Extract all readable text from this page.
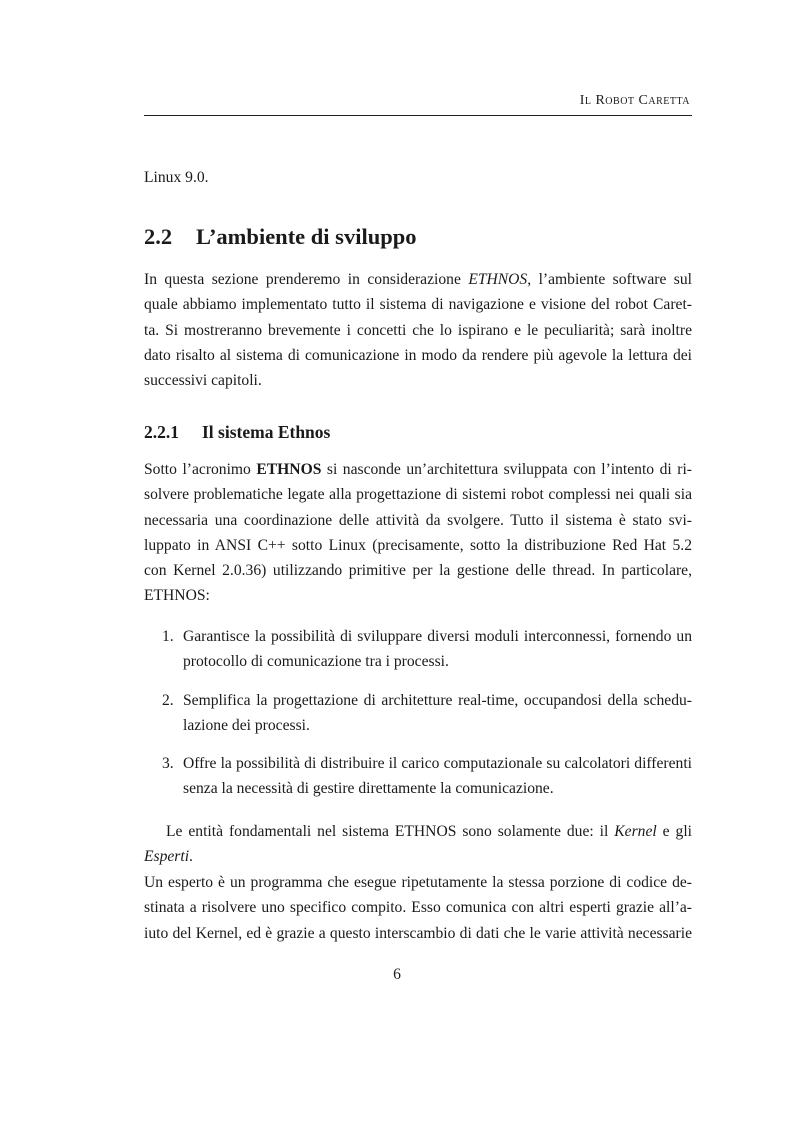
Il Robot Caretta
Linux 9.0.
2.2 L’ambiente di sviluppo
In questa sezione prenderemo in considerazione ETHNOS, l’ambiente software sul
quale abbiamo implementato tutto il sistema di navigazione e visione del robot Caret-
ta. Si mostreranno brevemente i concetti che lo ispirano e le peculiarità; sarà inoltre
dato risalto al sistema di comunicazione in modo da rendere più agevole la lettura dei
successivi capitoli.
2.2.1 Il sistema Ethnos
Sotto l’acronimo ETHNOS si nasconde un’architettura sviluppata con l’intento di ri-
solvere problematiche legate alla progettazione di sistemi robot complessi nei quali sia
necessaria una coordinazione delle attività da svolgere. Tutto il sistema è stato svi-
luppato in ANSI C++ sotto Linux (precisamente, sotto la distribuzione Red Hat 5.2
con Kernel 2.0.36) utilizzando primitive per la gestione delle thread. In particolare,
ETHNOS:
1. Garantisce la possibilità di sviluppare diversi moduli interconnessi, fornendo un
protocollo di comunicazione tra i processi.
2. Semplifica la progettazione di architetture real-time, occupandosi della schedu-
lazione dei processi.
3. Offre la possibilità di distribuire il carico computazionale su calcolatori differenti
senza la necessità di gestire direttamente la comunicazione.
Le entità fondamentali nel sistema ETHNOS sono solamente due: il Kernel e gli
Esperti.
Un esperto è un programma che esegue ripetutamente la stessa porzione di codice de-
stinata a risolvere uno specifico compito. Esso comunica con altri esperti grazie all’a-
iuto del Kernel, ed è grazie a questo interscambio di dati che le varie attività necessarie
6
